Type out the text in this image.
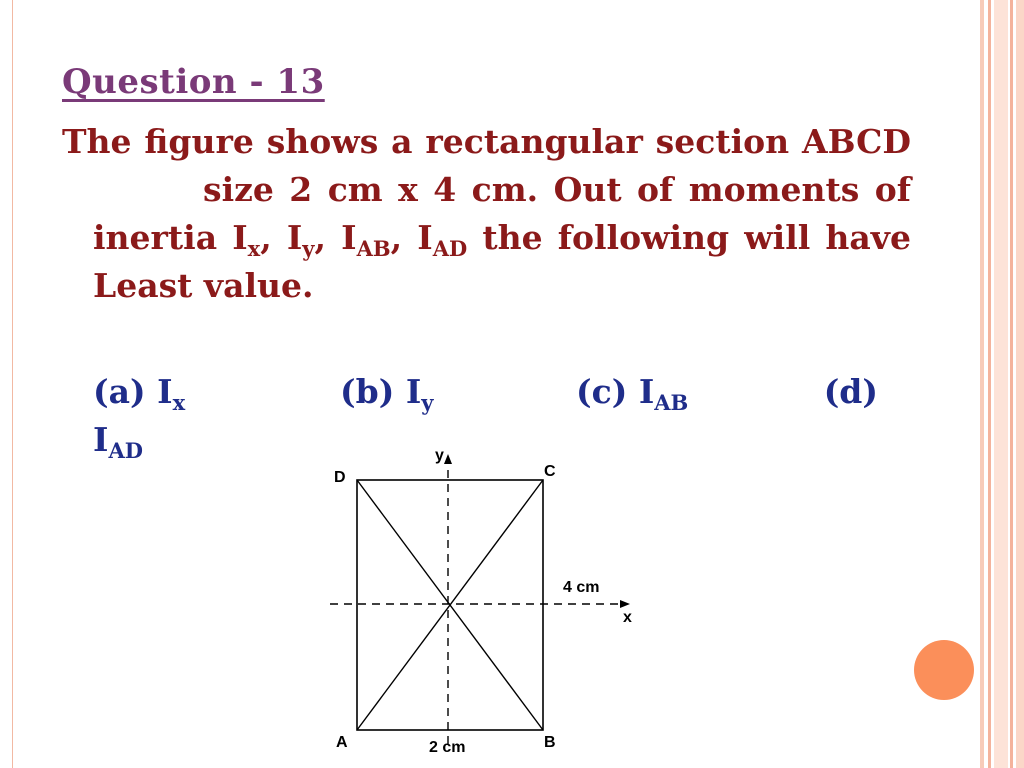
Question - 13

The figure shows a rectangular section ABCDsize 2 cm x 4 cm. Out of moments of inertia $I_x$, $I_y$, $I_{AB}$, $I_{AD}$ the following will have Least value.

(a) $I_x$	(b) $I_y$	(c) $I_{AB}$	(d)
$I_{AD}$
D	C
A	B
y
x
4 cm
2 cm
